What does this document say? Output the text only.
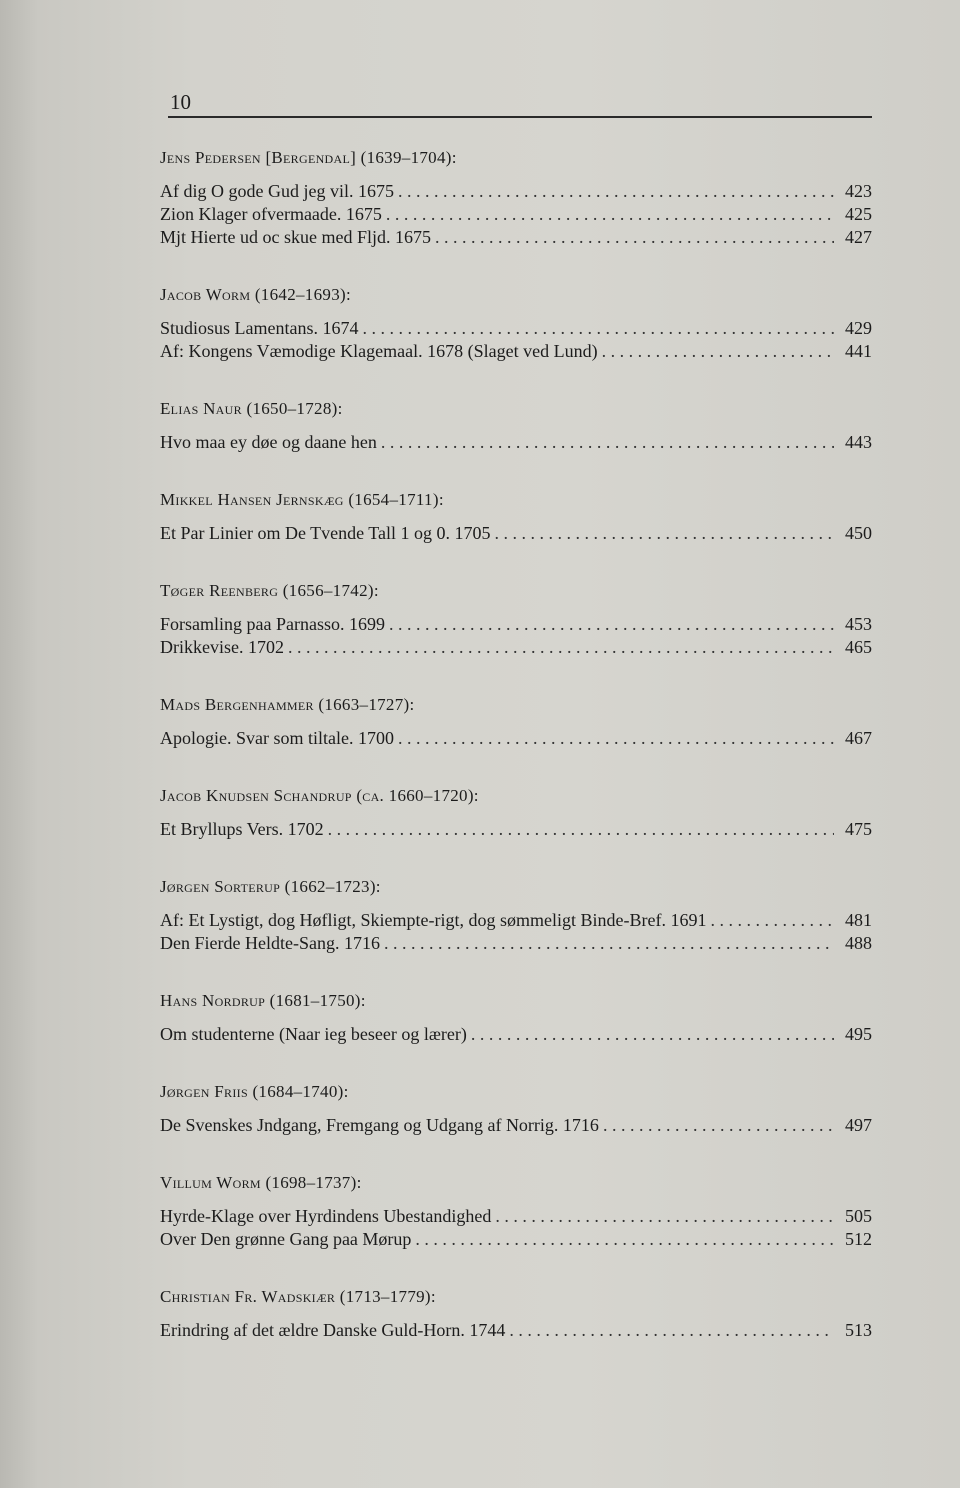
10
Jens Pedersen [Bergendal] (1639–1704):
Af dig O gode Gud jeg vil. 1675 . . .	423
Zion Klager ofvermaade. 1675 . . .	425
Mjt Hierte ud oc skue med Fljd. 1675 . . .	427
Jacob Worm (1642–1693):
Studiosus Lamentans. 1674 . . .	429
Af: Kongens Væmodige Klagemaal. 1678 (Slaget ved Lund) . . .	441
Elias Naur (1650–1728):
Hvo maa ey døe og daane hen . . .	443
Mikkel Hansen Jernskæg (1654–1711):
Et Par Linier om De Tvende Tall 1 og 0. 1705 . . .	450
Tøger Reenberg (1656–1742):
Forsamling paa Parnasso. 1699 . . .	453
Drikkevise. 1702 . . .	465
Mads Bergenhammer (1663–1727):
Apologie. Svar som tiltale. 1700 . . .	467
Jacob Knudsen Schandrup (ca. 1660–1720):
Et Bryllups Vers. 1702 . . .	475
Jørgen Sorterup (1662–1723):
Af: Et Lystigt, dog Høfligt, Skiempte-rigt, dog sømmeligt Binde-Bref. 1691 . . .	481
Den Fierde Heldte-Sang. 1716 . . .	488
Hans Nordrup (1681–1750):
Om studenterne (Naar ieg beseer og lærer) . . .	495
Jørgen Friis (1684–1740):
De Svenskes Jndgang, Fremgang og Udgang af Norrig. 1716 . . .	497
Villum Worm (1698–1737):
Hyrde-Klage over Hyrdindens Ubestandighed . . .	505
Over Den grønne Gang paa Mørup . . .	512
Christian Fr. Wadskiær (1713–1779):
Erindring af det ældre Danske Guld-Horn. 1744 . . .	513
